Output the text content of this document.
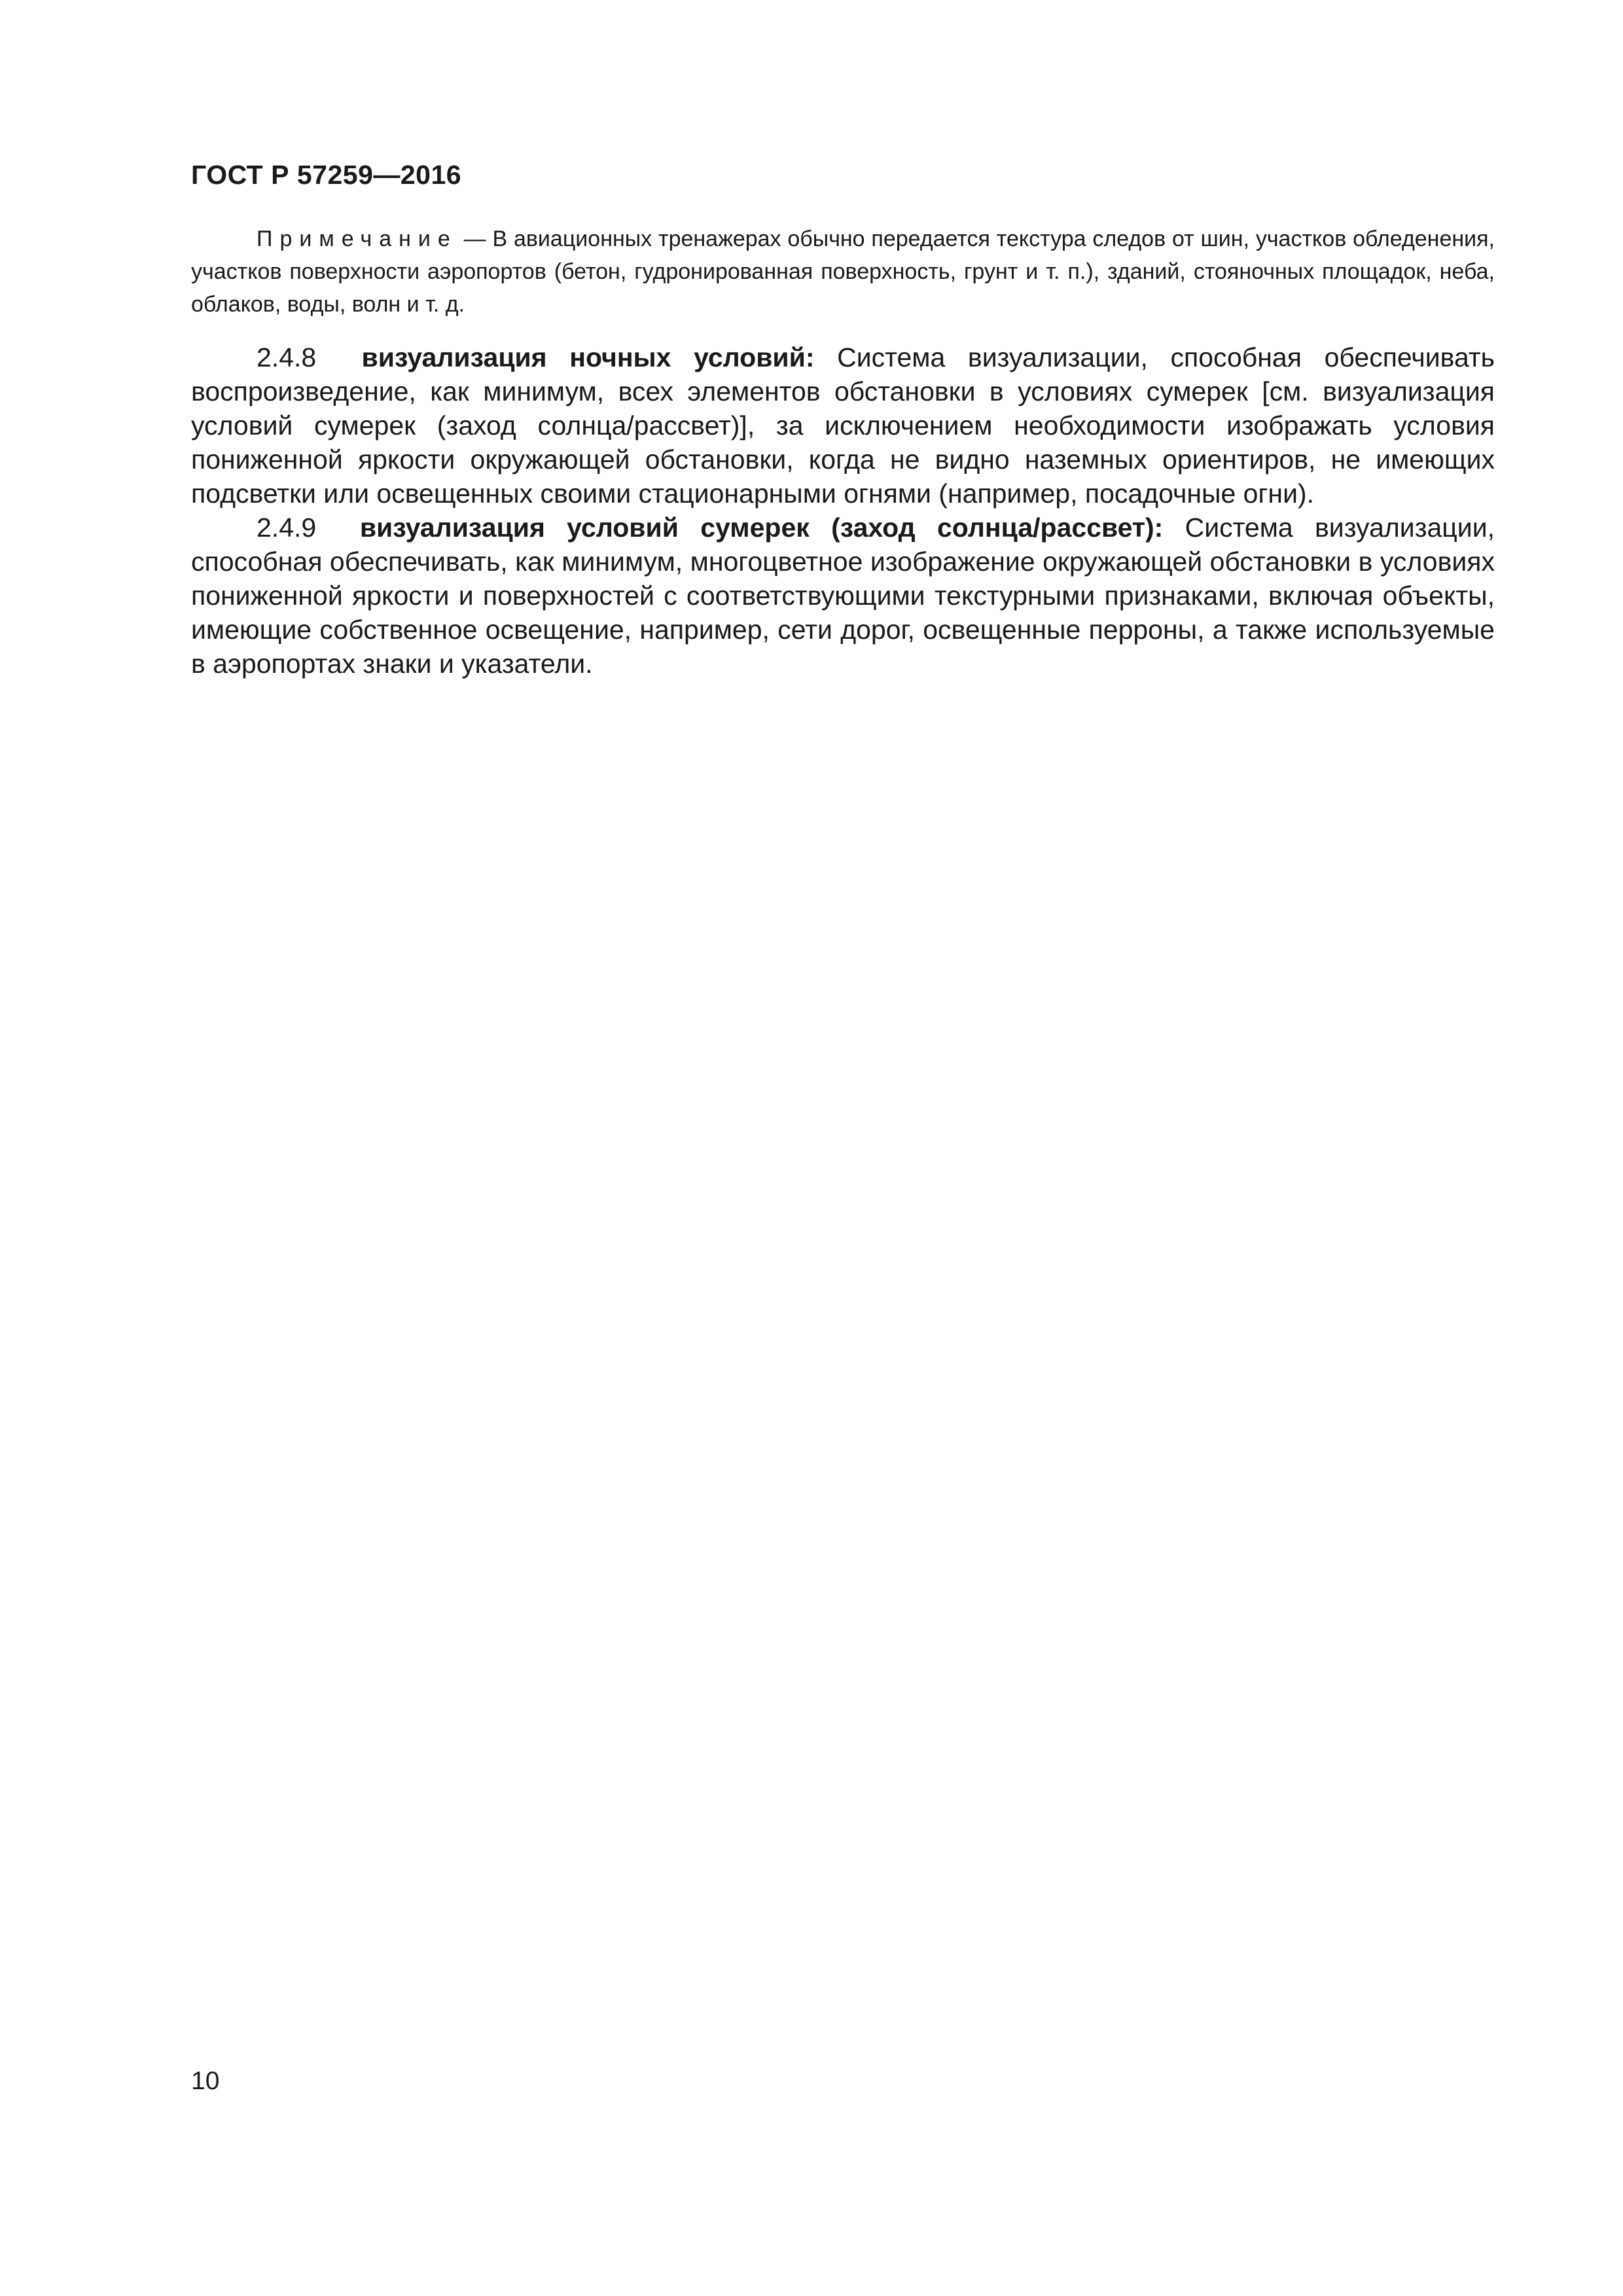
ГОСТ Р 57259—2016

Примечание — В авиационных тренажерах обычно передается текстура следов от шин, участков обледенения, участков поверхности аэропортов (бетон, гудронированная поверхность, грунт и т. п.), зданий, стояночных площадок, неба, облаков, воды, волн и т. д.

2.4.8 визуализация ночных условий: Система визуализации, способная обеспечивать воспроизведение, как минимум, всех элементов обстановки в условиях сумерек [см. визуализация условий сумерек (заход солнца/рассвет)], за исключением необходимости изображать условия пониженной яркости окружающей обстановки, когда не видно наземных ориентиров, не имеющих подсветки или освещенных своими стационарными огнями (например, посадочные огни).

2.4.9 визуализация условий сумерек (заход солнца/рассвет): Система визуализации, способная обеспечивать, как минимум, многоцветное изображение окружающей обстановки в условиях пониженной яркости и поверхностей с соответствующими текстурными признаками, включая объекты, имеющие собственное освещение, например, сети дорог, освещенные перроны, а также используемые в аэропортах знаки и указатели.

10
